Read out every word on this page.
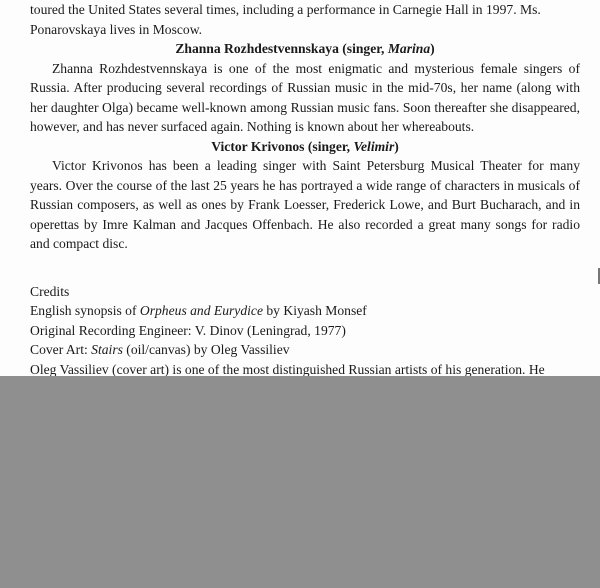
toured the United States several times, including a performance in Carnegie Hall in 1997. Ms.
Ponarovskaya lives in Moscow.

Zhanna Rozhdestvennskaya (singer, Marina)

Zhanna Rozhdestvennskaya is one of the most enigmatic and mysterious female singers of Russia. After producing several recordings of Russian music in the mid-70s, her name (along with her daughter Olga) became well-known among Russian music fans. Soon thereafter she disappeared, however, and has never surfaced again. Nothing is known about her whereabouts.

Victor Krivonos (singer, Velimir)

Victor Krivonos has been a leading singer with Saint Petersburg Musical Theater for many years. Over the course of the last 25 years he has portrayed a wide range of characters in musicals of Russian composers, as well as ones by Frank Loesser, Frederick Lowe, and Burt Bucharach, and in operettas by Imre Kalman and Jacques Offenbach. He also recorded a great many songs for radio and compact disc.

Credits

English synopsis of Orpheus and Eurydice by Kiyash Monsef

Original Recording Engineer: V. Dinov (Leningrad, 1977)

Cover Art: Stairs (oil/canvas) by Oleg Vassiliev

Oleg Vassiliev (cover art) is one of the most distinguished Russian artists of his generation. He
